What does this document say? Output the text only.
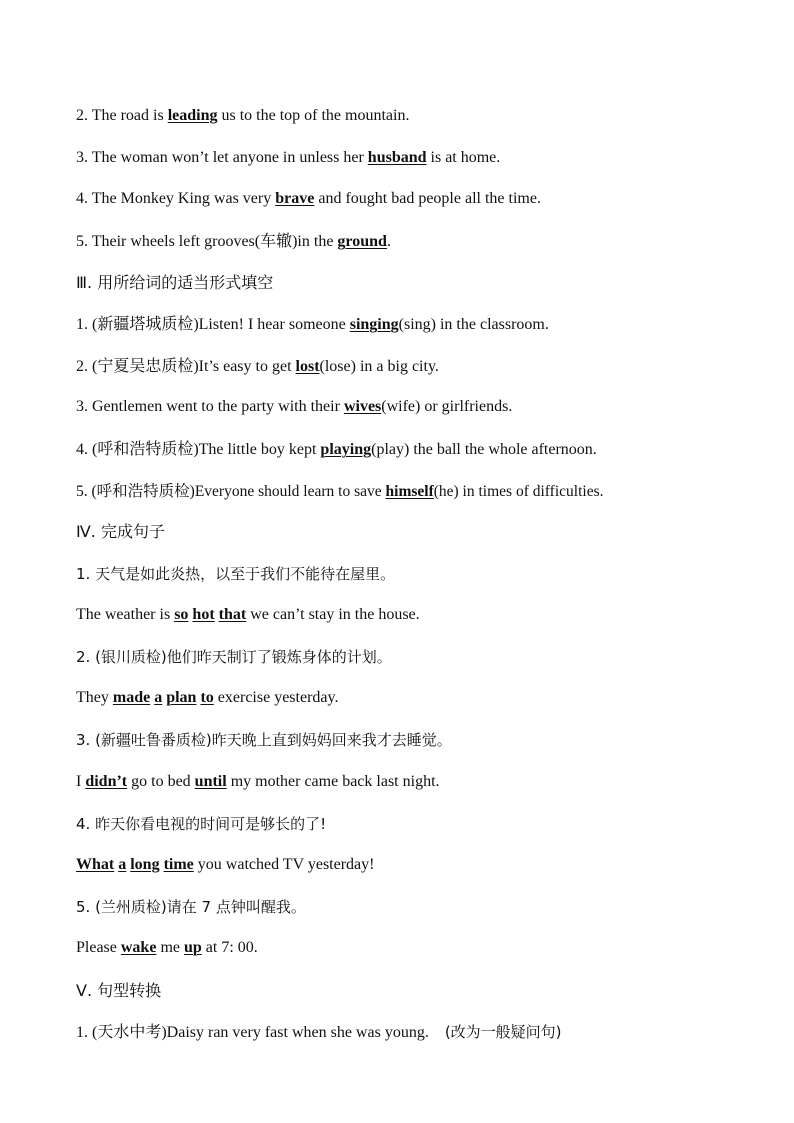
2. The road is leading us to the top of the mountain.
3. The woman won’t let anyone in unless her husband is at home.
4. The Monkey King was very brave and fought bad people all the time.
5. Their wheels left grooves(车辙)in the ground.
Ⅲ. 用所给词的适当形式填空
1. (新疆塔城质检)Listen! I hear someone singing(sing) in the classroom.
2. (宁夏吴忠质检)It’s easy to get lost(lose) in a big city.
3. Gentlemen went to the party with their wives(wife) or girlfriends.
4. (呼和浩特质检)The little boy kept playing(play) the ball the whole afternoon.
5. (呼和浩特质检)Everyone should learn to save himself(he) in times of difficulties.
Ⅳ. 完成句子
1. 天气是如此炎热，以至于我们不能待在屋里。
The weather is so hot that we can’t stay in the house.
2. (银川质检)他们昨天制订了锻炼身体的计划。
They made a plan to exercise yesterday.
3. (新疆吐鲁番质检)昨天晚上直到妈妈回来我才去睡觉。
I didn’t go to bed until my mother came back last night.
4. 昨天你看电视的时间可是够长的了!
What a long time you watched TV yesterday!
5. (兰州质检)请在 7 点钟叫醒我。
Please wake me up at 7: 00.
Ⅴ. 句型转换
1. (天水中考)Daisy ran very fast when she was young. (改为一般疑问句)
